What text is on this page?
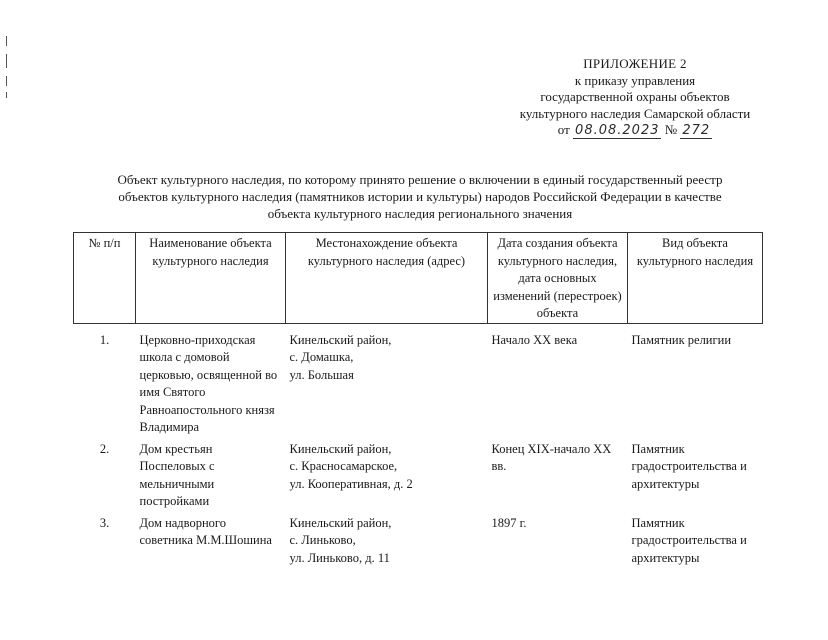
ПРИЛОЖЕНИЕ 2
к приказу управления
государственной охраны объектов
культурного наследия Самарской области
от 08.08.2023 № 272
Объект культурного наследия, по которому принято решение о включении в единый государственный реестр
объектов культурного наследия (памятников истории и культуры) народов Российской Федерации в качестве
объекта культурного наследия регионального значения
№ п/п	Наименование объекта культурного наследия	Местонахождение объекта культурного наследия (адрес)	Дата создания объекта культурного наследия, дата основных изменений (перестроек) объекта	Вид объекта культурного наследия
1.	Церковно-приходская школа с домовой церковью, освященной во имя Святого Равноапостольного князя Владимира	Кинельский район,
с. Домашка,
ул. Большая	Начало XX века	Памятник религии
2.	Дом крестьян Поспеловых с мельничными постройками	Кинельский район,
с. Красносамарское,
ул. Кооперативная, д. 2	Конец XIX-начало XX вв.	Памятник градостроительства и архитектуры
3.	Дом надворного советника М.М.Шошина	Кинельский район,
с. Линьково,
ул. Линьково, д. 11	1897 г.	Памятник градостроительства и архитектуры
